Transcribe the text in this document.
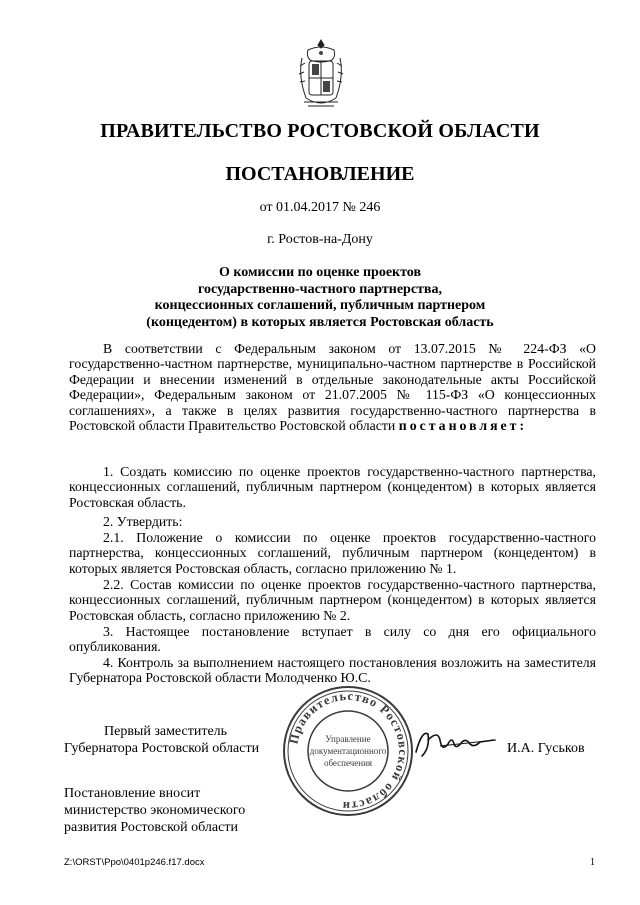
ПРАВИТЕЛЬСТВО РОСТОВСКОЙ ОБЛАСТИ
ПОСТАНОВЛЕНИЕ
от 01.04.2017 № 246
г. Ростов-на-Дону
О комиссии по оценке проектов
государственно-частного партнерства,
концессионных соглашений, публичным партнером
(концедентом) в которых является Ростовская область
В соответствии с Федеральным законом от 13.07.2015 № 224-ФЗ «О государственно-частном партнерстве, муниципально-частном партнерстве в Российской Федерации и внесении изменений в отдельные законодательные акты Российской Федерации», Федеральным законом от 21.07.2005 № 115-ФЗ «О концессионных соглашениях», а также в целях развития государственно-частного партнерства в Ростовской области Правительство Ростовской области постановляет:
1. Создать комиссию по оценке проектов государственно-частного партнерства, концессионных соглашений, публичным партнером (концедентом) в которых является Ростовская область.
2. Утвердить:
2.1. Положение о комиссии по оценке проектов государственно-частного партнерства, концессионных соглашений, публичным партнером (концедентом) в которых является Ростовская область, согласно приложению № 1.
2.2. Состав комиссии по оценке проектов государственно-частного партнерства, концессионных соглашений, публичным партнером (концедентом) в которых является Ростовская область, согласно приложению № 2.
3. Настоящее постановление вступает в силу со дня его официального опубликования.
4. Контроль за выполнением настоящего постановления возложить на заместителя Губернатора Ростовской области Молодченко Ю.С.
Первый заместитель
Губернатора Ростовской области	И.А. Гуськов
Правительство Ростовской области
Управление
документационного
обеспечения
Постановление вносит
министерство экономического
развития Ростовской области
Z:\ORST\Ppo\0401p246.f17.docx	1
